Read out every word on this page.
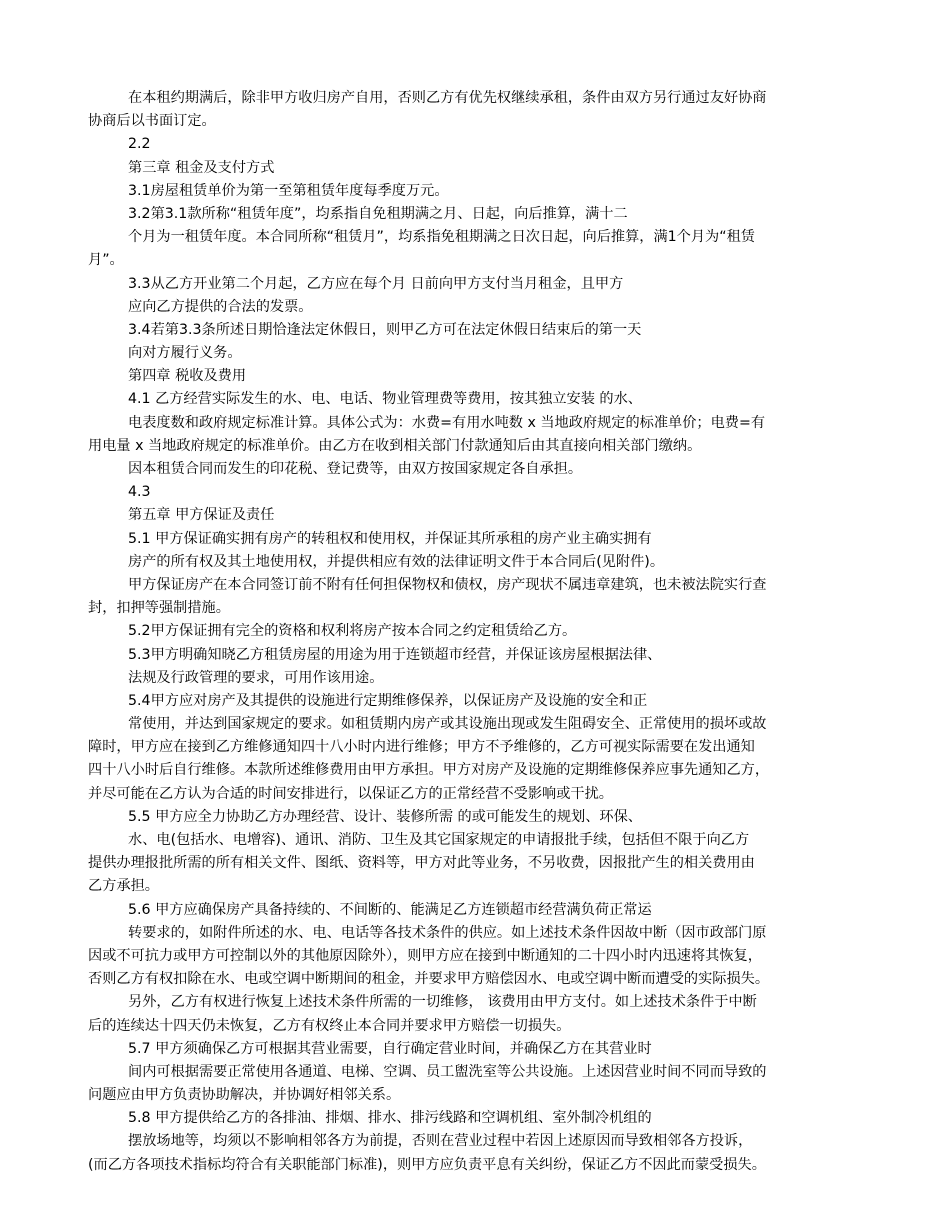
在本租约期满后，除非甲方收归房产自用，否则乙方有优先权继续承租，条件由双方另行通过友好协商
协商后以书面订定。
2.2
第三章 租金及支付方式
3.1房屋租赁单价为第一至第租赁年度每季度万元。
3.2第3.1款所称“租赁年度”，均系指自免租期满之月、日起，向后推算，满十二
个月为一租赁年度。本合同所称“租赁月”，均系指免租期满之日次日起，向后推算，满1个月为“租赁
月”。
3.3从乙方开业第二个月起，乙方应在每个月 日前向甲方支付当月租金，且甲方
应向乙方提供的合法的发票。
3.4若第3.3条所述日期恰逢法定休假日，则甲乙方可在法定休假日结束后的第一天
向对方履行义务。
第四章 税收及费用
4.1 乙方经营实际发生的水、电、电话、物业管理费等费用，按其独立安装 的水、
电表度数和政府规定标准计算。具体公式为：水费=有用水吨数 x 当地政府规定的标准单价；电费=有
用电量 x 当地政府规定的标准单价。由乙方在收到相关部门付款通知后由其直接向相关部门缴纳。
因本租赁合同而发生的印花税、登记费等，由双方按国家规定各自承担。
4.3
第五章 甲方保证及责任
5.1 甲方保证确实拥有房产的转租权和使用权，并保证其所承租的房产业主确实拥有
房产的所有权及其土地使用权，并提供相应有效的法律证明文件于本合同后(见附件)。
甲方保证房产在本合同签订前不附有任何担保物权和债权，房产现状不属违章建筑，也未被法院实行查
封，扣押等强制措施。
5.2甲方保证拥有完全的资格和权利将房产按本合同之约定租赁给乙方。
5.3甲方明确知晓乙方租赁房屋的用途为用于连锁超市经营，并保证该房屋根据法律、
法规及行政管理的要求，可用作该用途。
5.4甲方应对房产及其提供的设施进行定期维修保养，以保证房产及设施的安全和正
常使用，并达到国家规定的要求。如租赁期内房产或其设施出现或发生阻碍安全、正常使用的损坏或故
障时，甲方应在接到乙方维修通知四十八小时内进行维修；甲方不予维修的，乙方可视实际需要在发出通知
四十八小时后自行维修。本款所述维修费用由甲方承担。甲方对房产及设施的定期维修保养应事先通知乙方，
并尽可能在乙方认为合适的时间安排进行，以保证乙方的正常经营不受影响或干扰。
5.5 甲方应全力协助乙方办理经营、设计、装修所需 的或可能发生的规划、环保、
水、电(包括水、电增容)、通讯、消防、卫生及其它国家规定的申请报批手续，包括但不限于向乙方
提供办理报批所需的所有相关文件、图纸、资料等，甲方对此等业务，不另收费，因报批产生的相关费用由
乙方承担。
5.6 甲方应确保房产具备持续的、不间断的、能满足乙方连锁超市经营满负荷正常运
转要求的，如附件所述的水、电、电话等各技术条件的供应。如上述技术条件因故中断（因市政部门原
因或不可抗力或甲方可控制以外的其他原因除外），则甲方应在接到中断通知的二十四小时内迅速将其恢复，
否则乙方有权扣除在水、电或空调中断期间的租金，并要求甲方赔偿因水、电或空调中断而遭受的实际损失。
另外，乙方有权进行恢复上述技术条件所需的一切维修， 该费用由甲方支付。如上述技术条件于中断
后的连续达十四天仍未恢复，乙方有权终止本合同并要求甲方赔偿一切损失。
5.7 甲方须确保乙方可根据其营业需要，自行确定营业时间，并确保乙方在其营业时
间内可根据需要正常使用各通道、电梯、空调、员工盥洗室等公共设施。上述因营业时间不同而导致的
问题应由甲方负责协助解决，并协调好相邻关系。
5.8 甲方提供给乙方的各排油、排烟、排水、排污线路和空调机组、室外制冷机组的
摆放场地等，均须以不影响相邻各方为前提，否则在营业过程中若因上述原因而导致相邻各方投诉，
(而乙方各项技术指标均符合有关职能部门标准)，则甲方应负责平息有关纠纷，保证乙方不因此而蒙受损失。
